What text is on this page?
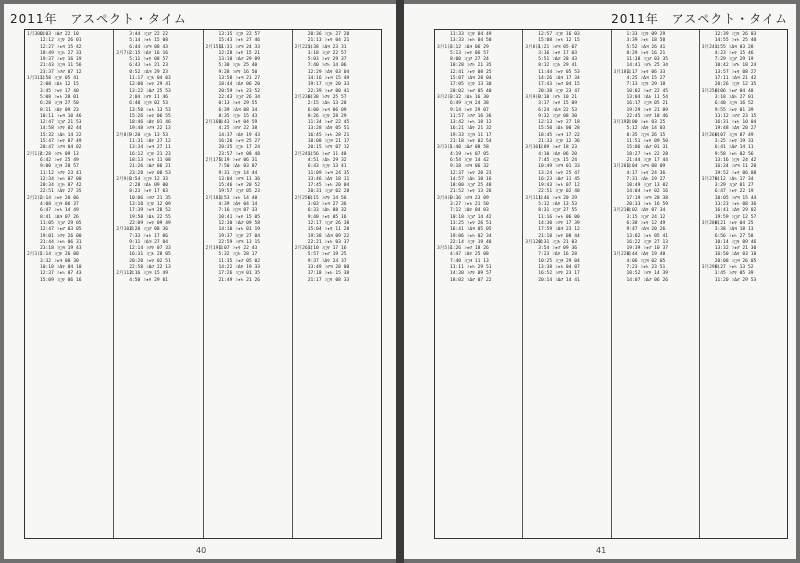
2011年　アスペクト・タイム
1月30日0:03 ☽Δ♂ 22 10
12:12 ☽□♀ 26 01
12:27 ☽★♃ 15 42
18:49 ☽□♄ 27 33
19:37 ☽★♀ 16 19
21:43 ☽□♃ 11 56
23:37 ☽♂♂ 07 12
1月31日1:58 ☽□♀ 05 41
2:08 ☽Δ♄ 12 15
3:45 ☽★♀ 17 40
5:08 ☽★♄ 28 01
6:28 ☽□♃ 27 50
8:11 ☽Δ♀ 09 23
10:11 ☽★♃ 10 46
12:47 ☽□♂ 21 53
14:58 ☽♂♀ 02 44
15:32 ☽Δ♄ 14 22
15:47 ☽★♀ 07 49
20:47 ☽♂♃ 04 02
2月1日4:28 ☽♂♄ 09 13
6:42 ☽★♀ 25 49
9:00 ☽□♃ 28 57
11:12 ☽♂♀ 23 41
12:34 ☽★♄ 07 00
20:34 ☽□♄ 07 42
22:51 ☽Δ♀ 27 35
2月2日3:14 ☽★♀ 20 06
4:08 ☽□♃ 06 37
6:47 ☽★♄ 14 49
8:41 ☽Δ♃ 07 26
11:05 ☽□♂ 29 05
12:47 ☽★♂ 03 05
19:01 ☽♂♀ 26 00
21:44 ☽★♄ 06 31
23:18 ☽□♃ 19 43
2月3日1:14 ☽□♀ 26 00
3:32 ☽★♃ 00 30
10:18 ☽Δ♀ 04 10
12:37 ☽★♄ 07 43
15:09 ☽□♀ 06 16
3:44 ☽□♂ 22 22
5:14 ☽★♄ 15 08
6:44 ☽♂♃ 08 43
2月7日2:15 ☽Δ♀ 16 16
5:11 ☽★♀ 08 57
6:43 ☽★♄ 21 23
8:52 ☽Δ♃ 29 23
11:17 ☽□♄ 04 03
12:00 ☽★♀ 29 41
13:22 ☽Δ♂ 25 53
2:04 ☽♂♀ 11 46
6:48 ☽□♃ 02 53
13:50 ☽★♄ 13 53
15:26 ☽★♀ 06 55
18:46 ☽Δ♀ 01 46
19:48 ☽♂♃ 22 13
2月8日9:20 ☽□♄ 13 53
11:31 ☽Δ♀ 27 12
13:34 ☽★♃ 27 11
16:12 ☽□♀ 21 23
18:13 ☽★♄ 11 08
21:26 ☽Δ♂ 06 21
23:28 ☽★♀ 08 53
2月9日0:54 ☽□♃ 12 33
2:28 ☽Δ♄ 09 00
8:23 ☽★♀ 17 03
10:06 ☽♂♂ 21 35
13:10 ☽□♀ 12 09
17:39 ☽★♃ 28 52
19:50 ☽Δ♄ 22 55
22:09 ☽★♀ 09 49
2月10日2:20 ☽□♂ 08 36
7:33 ☽★♄ 17 06
9:11 ☽Δ♃ 27 04
12:14 ☽♂♀ 07 33
16:31 ☽□♄ 28 05
20:20 ☽★♀ 02 51
22:58 ☽Δ♂ 22 13
2月11日2:16 ☽□♃ 15 49
4:50 ☽★♀ 29 01
13:15 ☽□♀ 22 57
15:43 ☽★♄ 27 46
2月15日11:31 ☽♂♃ 24 33
12:28 ☽★♀ 15 21
13:10 ☽Δ♂ 29 09
5:30 ☽□♄ 25 40
9:28 ☽♂♀ 16 50
13:58 ☽★♃ 21 27
18:44 ☽Δ♀ 06 20
20:59 ☽★♄ 23 52
22:43 ☽□♂ 26 34
0:13 ☽★♀ 29 55
6:39 ☽Δ♃ 08 34
8:35 ☽□♄ 15 43
2月16日0:43 ☽★♀ 04 59
4:25 ☽♂♂ 22 38
14:37 ☽Δ♀ 19 43
16:20 ☽★♃ 25 27
20:35 ☽□♄ 17 24
23:57 ☽★♀ 08 48
2月17日5:19 ☽★♂ 06 31
7:50 ☽Δ♄ 03 07
9:31 ☽□♀ 14 44
13:04 ☽♂♃ 11 36
15:46 ☽★♀ 28 52
19:57 ☽□♂ 05 23
2月18日1:53 ☽★♄ 14 40
4:39 ☽Δ♀ 04 14
7:16 ☽□♃ 07 33
10:41 ☽★♀ 15 05
12:30 ☽Δ♂ 09 58
14:10 ☽★♄ 01 19
19:37 ☽□♀ 27 04
22:59 ☽♂♃ 13 15
2月19日1:07 ☽★♀ 22 43
5:32 ☽□♄ 28 17
11:35 ☽★♂ 05 02
14:22 ☽Δ♀ 19 33
17:26 ☽□♃ 01 35
21:49 ☽★♄ 21 26
20:36 ☽□♄ 27 28
21:13 ☽★♀ 04 21
2月22日1:38 ☽Δ♃ 23 31
3:18 ☽□♂ 22 57
5:03 ☽★♀ 29 37
7:40 ☽♂♄ 14 06
12:29 ☽Δ♀ 03 04
14:16 ☽★♃ 15 49
19:17 ☽□♀ 20 33
22:39 ☽★♂ 00 41
2月23日0:38 ☽♂♀ 25 57
2:15 ☽Δ♄ 13 28
6:00 ☽★♃ 06 09
8:26 ☽□♀ 28 29
11:34 ☽★♂ 22 45
13:28 ☽Δ♀ 05 51
16:45 ☽★♄ 28 21
18:08 ☽□♃ 21 17
20:15 ☽♂♀ 07 12
2月24日1:56 ☽★♂ 11 48
4:51 ☽Δ♄ 29 32
6:43 ☽□♀ 13 41
11:09 ☽★♃ 24 35
13:46 ☽Δ♀ 18 11
17:45 ☽★♄ 20 04
20:31 ☽□♂ 02 28
2月25日0:15 ☽♂♀ 14 56
3:03 ☽★♃ 27 36
6:33 ☽Δ♄ 08 32
9:40 ☽★♀ 05 16
12:17 ☽□♂ 26 38
15:04 ☽★♀ 11 28
19:38 ☽Δ♃ 09 22
22:21 ☽★♄ 03 37
2月26日1:10 ☽□♀ 17 16
5:57 ☽★♂ 19 25
9:37 ☽Δ♀ 24 37
13:49 ☽♂♃ 28 00
17:18 ☽★♄ 15 38
21:17 ☽□♀ 08 33
40
2011年　アスペクト・タイム
11:33 ☽□♀ 04 49
13:33 ☽★♄ 04 50
3月1日3:12 ☽Δ♃ 06 29
5:13 ☽★♀ 06 57
8:00 ☽□♂ 27 24
10:28 ☽♂♄ 21 35
12:41 ☽★♀ 08 25
15:07 ☽Δ♃ 28 04
17:05 ☽□♀ 13 30
20:02 ☽★♂ 05 40
3月2日3:32 ☽Δ♄ 16 30
6:49 ☽□♃ 24 38
9:14 ☽★♀ 29 07
11:57 ☽♂♂ 16 36
13:42 ☽★♄ 18 12
16:21 ☽Δ♀ 21 32
19:33 ☽□♃ 11 17
21:18 ☽★♀ 02 54
3月3日1:40 ☽Δ♂ 08 58
4:19 ☽★♄ 07 05
6:54 ☽□♀ 14 42
9:18 ☽♂♃ 06 32
12:37 ☽★♀ 20 23
14:57 ☽Δ♄ 10 16
18:00 ☽□♂ 25 48
21:52 ☽★♀ 13 26
3月4日0:36 ☽♂♃ 23 09
3:27 ☽★♄ 21 50
7:12 ☽Δ♀ 04 03
10:18 ☽□♂ 14 42
13:25 ☽★♀ 26 51
16:41 ☽Δ♃ 05 05
19:06 ☽★♄ 02 34
22:14 ☽□♀ 19 48
3月5日1:26 ☽★♂ 18 26
4:47 ☽Δ♀ 25 08
7:40 ☽□♃ 11 13
11:11 ☽★♄ 29 51
14:38 ☽♂♀ 09 57
18:02 ☽Δ♂ 07 22
12:57 ☽□♀ 16 03
15:08 ☽★♄ 12 15
3月8日1:21 ☽♂♃ 05 07
3:16 ☽★♀ 17 03
5:51 ☽Δ♂ 28 43
8:12 ☽□♄ 29 41
11:44 ☽★♀ 05 53
14:26 ☽Δ♃ 17 34
17:43 ☽★♂ 04 15
20:38 ☽□♀ 23 47
3月9日0:10 ☽♂♄ 10 21
3:17 ☽★♀ 15 09
6:24 ☽Δ♃ 22 53
9:32 ☽□♂ 08 30
12:13 ☽★♀ 27 18
15:50 ☽Δ♄ 00 28
18:45 ☽★♃ 17 22
21:33 ☽□♀ 12 36
3月10日1:09 ☽★♂ 18 23
4:10 ☽Δ♀ 06 20
7:45 ☽□♄ 15 24
10:49 ☽♂♃ 01 33
13:24 ☽★♀ 25 47
16:23 ☽Δ♂ 11 45
19:43 ☽★♄ 07 12
22:51 ☽□♀ 02 48
3月11日1:46 ☽★♃ 20 29
5:12 ☽Δ♀ 13 53
8:31 ☽□♂ 27 55
11:16 ☽★♄ 06 00
14:30 ☽♂♀ 17 39
17:59 ☽Δ♃ 23 12
21:18 ☽★♀ 08 44
3月12日0:31 ☽□♄ 21 03
3:54 ☽★♂ 09 36
7:23 ☽Δ♀ 16 28
10:25 ☽□♃ 29 04
13:38 ☽★♄ 04 07
16:52 ☽♂♀ 23 17
20:14 ☽Δ♂ 14 41
1:33 ☽□♀ 09 29
3:39 ☽★♄ 18 50
5:52 ☽Δ♃ 26 41
8:29 ☽★♀ 16 21
11:38 ☽□♂ 03 35
14:41 ☽♂♄ 25 34
3月18日1:17 ☽★♀ 06 33
4:25 ☽Δ♃ 15 27
7:13 ☽□♀ 29 18
10:02 ☽★♂ 22 45
13:04 ☽Δ♄ 11 54
16:17 ☽□♃ 05 21
19:29 ☽★♀ 21 09
22:45 ☽♂♂ 18 46
3月19日2:00 ☽★♄ 03 25
5:12 ☽Δ♀ 14 03
8:35 ☽□♃ 26 15
11:51 ☽★♀ 09 50
15:06 ☽Δ♂ 01 31
18:27 ☽★♄ 22 28
21:44 ☽□♀ 17 44
3月20日1:04 ☽♂♃ 08 09
4:17 ☽★♀ 24 36
7:31 ☽Δ♄ 19 27
10:49 ☽□♂ 13 02
14:04 ☽★♀ 02 16
17:19 ☽♂♃ 28 38
20:33 ☽★♄ 16 59
3月21日0:02 ☽Δ♀ 07 34
3:15 ☽□♂ 24 12
6:38 ☽★♀ 12 49
9:47 ☽Δ♃ 20 26
13:02 ☽★♄ 05 41
16:22 ☽□♀ 27 13
19:39 ☽★♂ 10 37
3月22日0:44 ☽Δ♀ 19 48
4:06 ☽□♃ 02 05
7:23 ☽★♄ 23 51
10:52 ☽♂♀ 14 39
14:07 ☽Δ♂ 06 26
12:39 ☽□♀ 26 03
14:55 ☽★♄ 25 40
3月24日1:55 ☽Δ♃ 03 28
4:23 ☽★♀ 15 46
7:29 ☽□♂ 29 19
10:42 ☽♂♄ 18 24
13:57 ☽★♀ 08 27
17:11 ☽Δ♃ 21 42
20:26 ☽□♀ 12 35
3月25日0:06 ☽★♂ 04 48
3:18 ☽Δ♄ 27 01
6:40 ☽□♃ 16 52
9:55 ☽★♀ 01 39
13:12 ☽♂♂ 23 15
16:31 ☽★♄ 10 04
19:48 ☽Δ♀ 28 27
3月26日0:07 ☽□♃ 07 49
3:25 ☽★♀ 19 33
6:41 ☽Δ♂ 14 11
9:58 ☽★♄ 02 56
13:16 ☽□♀ 24 42
16:34 ☽♂♃ 11 20
19:52 ☽★♀ 06 08
3月27日0:12 ☽Δ♄ 17 34
3:29 ☽□♂ 01 27
6:47 ☽★♀ 22 19
10:05 ☽♂♃ 15 44
13:23 ☽★♄ 08 36
16:41 ☽Δ♀ 29 02
19:59 ☽□♂ 12 57
3月28日0:21 ☽★♀ 04 25
3:38 ☽Δ♃ 18 13
6:56 ☽★♄ 27 58
10:14 ☽□♀ 09 46
13:32 ☽★♂ 21 30
16:50 ☽Δ♀ 03 18
20:08 ☽□♃ 26 05
3月29日0:27 ☽★♄ 13 52
3:45 ☽♂♀ 05 39
11:20 ☽Δ♂ 29 53
41
